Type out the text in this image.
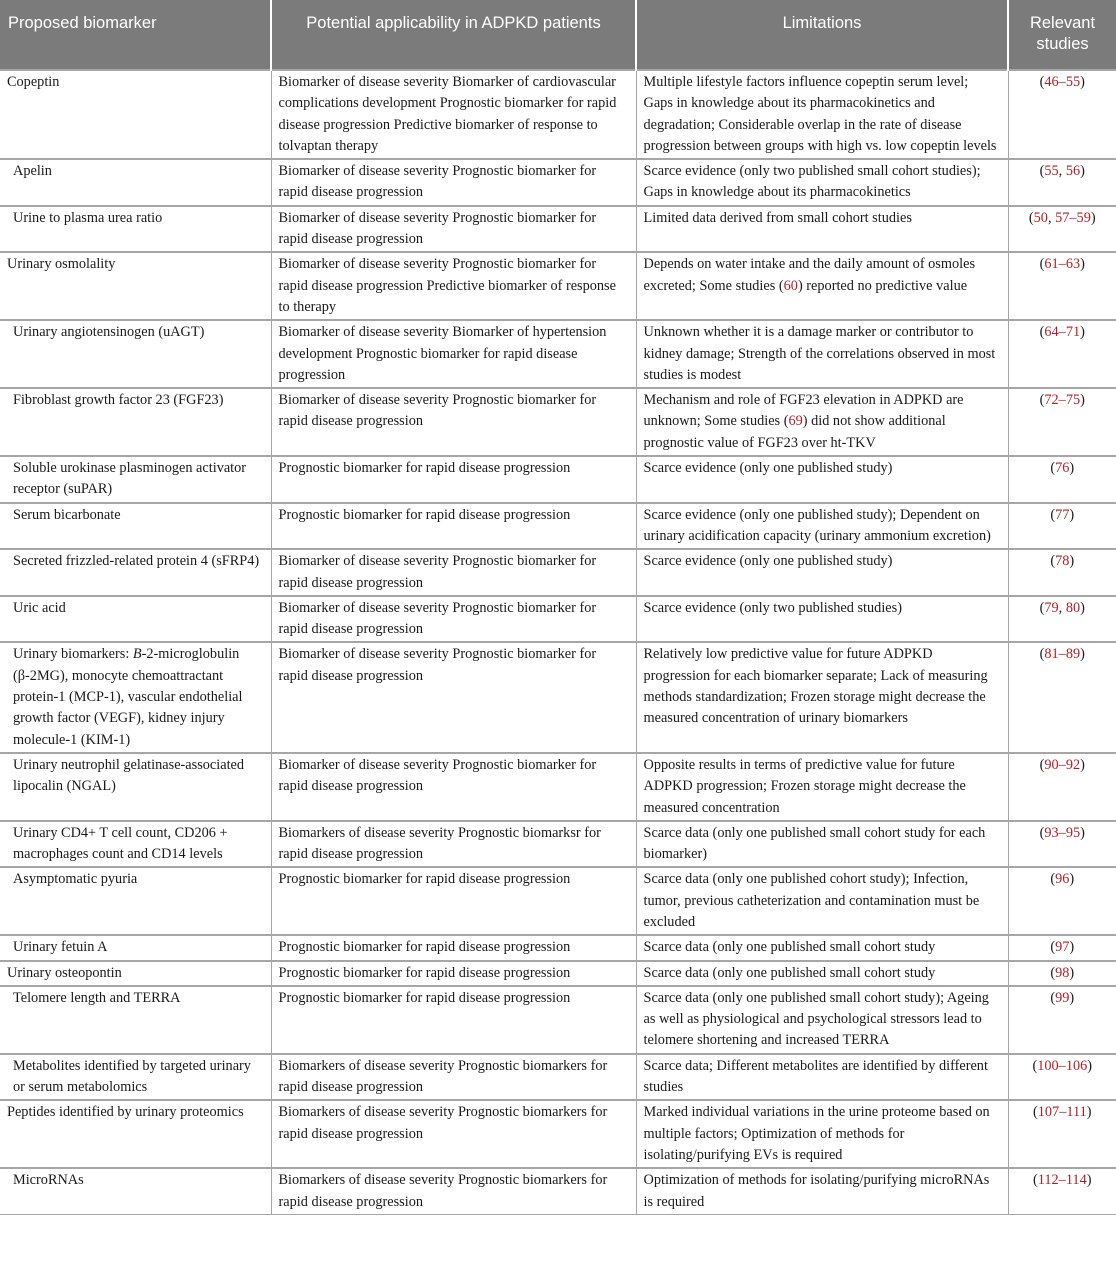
Proposed biomarker	Potential applicability in ADPKD patients	Limitations	Relevant studies
Copeptin	Biomarker of disease severity Biomarker of cardiovascular complications development Prognostic biomarker for rapid disease progression Predictive biomarker of response to tolvaptan therapy	Multiple lifestyle factors influence copeptin serum level; Gaps in knowledge about its pharmacokinetics and degradation; Considerable overlap in the rate of disease progression between groups with high vs. low copeptin levels	(46–55)
Apelin	Biomarker of disease severity Prognostic biomarker for rapid disease progression	Scarce evidence (only two published small cohort studies); Gaps in knowledge about its pharmacokinetics	(55, 56)
Urine to plasma urea ratio	Biomarker of disease severity Prognostic biomarker for rapid disease progression	Limited data derived from small cohort studies	(50, 57–59)
Urinary osmolality	Biomarker of disease severity Prognostic biomarker for rapid disease progression Predictive biomarker of response to therapy	Depends on water intake and the daily amount of osmoles excreted; Some studies (60) reported no predictive value	(61–63)
Urinary angiotensinogen (uAGT)	Biomarker of disease severity Biomarker of hypertension development Prognostic biomarker for rapid disease progression	Unknown whether it is a damage marker or contributor to kidney damage; Strength of the correlations observed in most studies is modest	(64–71)
Fibroblast growth factor 23 (FGF23)	Biomarker of disease severity Prognostic biomarker for rapid disease progression	Mechanism and role of FGF23 elevation in ADPKD are unknown; Some studies (69) did not show additional prognostic value of FGF23 over ht-TKV	(72–75)
Soluble urokinase plasminogen activator receptor (suPAR)	Prognostic biomarker for rapid disease progression	Scarce evidence (only one published study)	(76)
Serum bicarbonate	Prognostic biomarker for rapid disease progression	Scarce evidence (only one published study); Dependent on urinary acidification capacity (urinary ammonium excretion)	(77)
Secreted frizzled-related protein 4 (sFRP4)	Biomarker of disease severity Prognostic biomarker for rapid disease progression	Scarce evidence (only one published study)	(78)
Uric acid	Biomarker of disease severity Prognostic biomarker for rapid disease progression	Scarce evidence (only two published studies)	(79, 80)
Urinary biomarkers: B-2-microglobulin (β-2MG), monocyte chemoattractant protein-1 (MCP-1), vascular endothelial growth factor (VEGF), kidney injury molecule-1 (KIM-1)	Biomarker of disease severity Prognostic biomarker for rapid disease progression	Relatively low predictive value for future ADPKD progression for each biomarker separate; Lack of measuring methods standardization; Frozen storage might decrease the measured concentration of urinary biomarkers	(81–89)
Urinary neutrophil gelatinase-associated lipocalin (NGAL)	Biomarker of disease severity Prognostic biomarker for rapid disease progression	Opposite results in terms of predictive value for future ADPKD progression; Frozen storage might decrease the measured concentration	(90–92)
Urinary CD4+ T cell count, CD206 + macrophages count and CD14 levels	Biomarkers of disease severity Prognostic biomarksr for rapid disease progression	Scarce data (only one published small cohort study for each biomarker)	(93–95)
Asymptomatic pyuria	Prognostic biomarker for rapid disease progression	Scarce data (only one published cohort study); Infection, tumor, previous catheterization and contamination must be excluded	(96)
Urinary fetuin A	Prognostic biomarker for rapid disease progression	Scarce data (only one published small cohort study	(97)
Urinary osteopontin	Prognostic biomarker for rapid disease progression	Scarce data (only one published small cohort study	(98)
Telomere length and TERRA	Prognostic biomarker for rapid disease progression	Scarce data (only one published small cohort study); Ageing as well as physiological and psychological stressors lead to telomere shortening and increased TERRA	(99)
Metabolites identified by targeted urinary or serum metabolomics	Biomarkers of disease severity Prognostic biomarkers for rapid disease progression	Scarce data; Different metabolites are identified by different studies	(100–106)
Peptides identified by urinary proteomics	Biomarkers of disease severity Prognostic biomarkers for rapid disease progression	Marked individual variations in the urine proteome based on multiple factors; Optimization of methods for isolating/purifying EVs is required	(107–111)
MicroRNAs	Biomarkers of disease severity Prognostic biomarkers for rapid disease progression	Optimization of methods for isolating/purifying microRNAs is required	(112–114)
